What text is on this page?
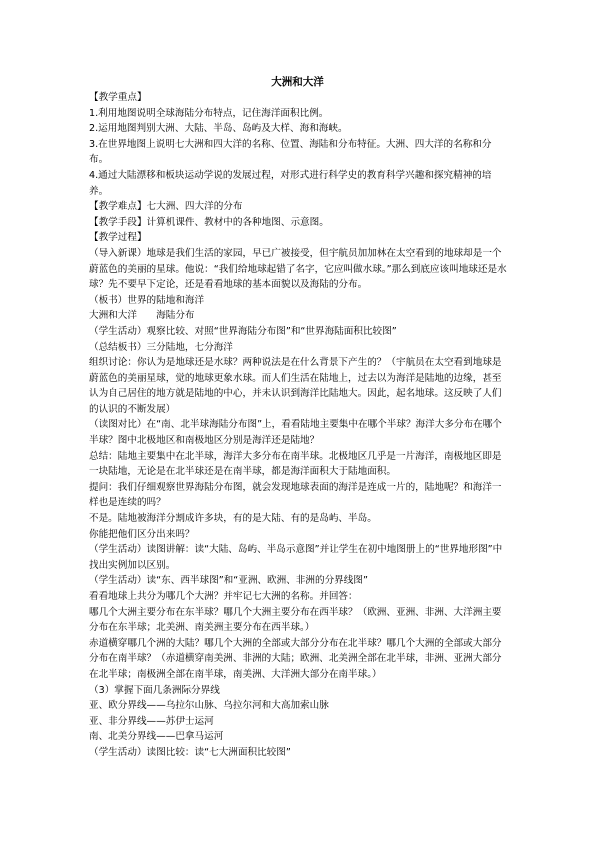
大洲和大洋

【教学重点】

1.利用地图说明全球海陆分布特点，记住海洋面积比例。

2.运用地图判别大洲、大陆、半岛、岛屿及大样、海和海峡。

3.在世界地图上说明七大洲和四大洋的名称、位置、海陆和分布特征。大洲、四大洋的名称和分布。

4.通过大陆漂移和板块运动学说的发展过程，对形式进行科学史的教育科学兴趣和探究精神的培养。

【教学难点】七大洲、四大洋的分布

【教学手段】计算机课件、教材中的各种地图、示意图。

【教学过程】

（导入新课）地球是我们生活的家园，早已广被接受，但宇航员加加林在太空看到的地球却是一个蔚蓝色的美丽的星球。他说：“我们给地球起错了名字，它应叫做水球。”那么到底应该叫地球还是水球？先不要早下定论，还是看看地球的基本面貌以及海陆的分布。

（板书）世界的陆地和海洋

大洲和大洋　　海陆分布

（学生活动）观察比较、对照“世界海陆分布图”和“世界海陆面积比较图”

（总结板书）三分陆地，七分海洋

组织讨论：你认为是地球还是水球？两种说法是在什么背景下产生的？（宇航员在太空看到地球是蔚蓝色的美丽星球，觉的地球更象水球。而人们生活在陆地上，过去以为海洋是陆地的边缘，甚至认为自己居住的地方就是陆地的中心，并未认识到海洋比陆地大。因此，起名地球。这反映了人们的认识的不断发展）

（读图对比）在“南、北半球海陆分布图”上，看看陆地主要集中在哪个半球？海洋大多分布在哪个半球？图中北极地区和南极地区分别是海洋还是陆地？

总结：陆地主要集中在北半球，海洋大多分布在南半球。北极地区几乎是一片海洋，南极地区即是一块陆地，无论是在北半球还是在南半球，都是海洋面积大于陆地面积。

提问：我们仔细观察世界海陆分布图，就会发现地球表面的海洋是连成一片的，陆地呢？和海洋一样也是连续的吗？

不是。陆地被海洋分割成许多块，有的是大陆、有的是岛屿、半岛。

你能把他们区分出来吗？

（学生活动）读图讲解：读“大陆、岛屿、半岛示意图”并让学生在初中地图册上的“世界地形图”中找出实例加以区别。

（学生活动）读“东、西半球图”和“亚洲、欧洲、非洲的分界线图”

看看地球上共分为哪几个大洲？并牢记七大洲的名称。并回答：

哪几个大洲主要分布在东半球？哪几个大洲主要分布在西半球？（欧洲、亚洲、非洲、大洋洲主要分布在东半球；北美洲、南美洲主要分布在西半球。）

赤道横穿哪几个洲的大陆？哪几个大洲的全部或大部分分布在北半球？哪几个大洲的全部或大部分分布在南半球？（赤道横穿南美洲、非洲的大陆；欧洲、北美洲全部在北半球，非洲、亚洲大部分在北半球；南极洲全部在南半球，南美洲、大洋洲大部分在南半球。）

（3）掌握下面几条洲际分界线

亚、欧分界线——乌拉尔山脉、乌拉尔河和大高加索山脉

亚、非分界线——苏伊士运河

南、北美分界线——巴拿马运河

（学生活动）读图比较：读“七大洲面积比较图”
